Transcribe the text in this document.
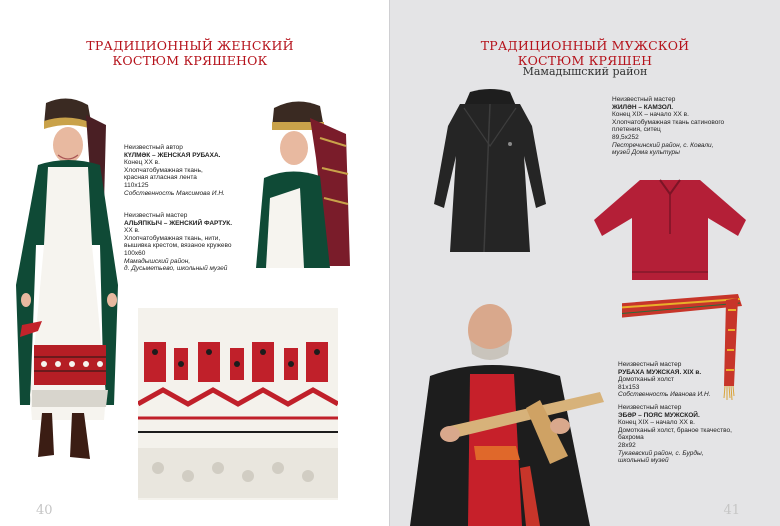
ТРАДИЦИОННЫЙ ЖЕНСКИЙ
КОСТЮМ КРЯШЕНОК
Неизвестный автор
КҮЛМӘК – ЖЕНСКАЯ РУБАХА.
Конец XX в.
Хлопчатобумажная ткань,
красная атласная лента
110x125
Собственность Максимова И.Н.
Неизвестный мастер
АЛЬЯПКЫЧ – ЖЕНСКИЙ ФАРТУК.
XX в.
Хлопчатобумажная ткань, нити,
вышивка крестом, вязаное кружево
100x60
Мамадышский район,
д. Дусьметьево, школьный музей
40
ТРАДИЦИОННЫЙ МУЖСКОЙ
КОСТЮМ КРЯШЕН
Мамадышский район
Неизвестный мастер
ЖИЛӘН – КАМЗОЛ.
Конец XIX – начало XX в.
Хлопчатобумажная ткань сатинового
плетения, ситец
89,5x252
Пестречинский район, с. Ковали,
музей Дома культуры
Неизвестный мастер
РУБАХА МУЖСКАЯ. XIX в.
Домотканый холст
81x153
Собственность Иванова И.Н.
Неизвестный мастер
ЭБӘР – ПОЯС МУЖСКОЙ.
Конец XIX – начало XX в.
Домотканый холст, браное ткачество,
бахрома
28x92
Тукаевский район, с. Бурды,
школьный музей
41
